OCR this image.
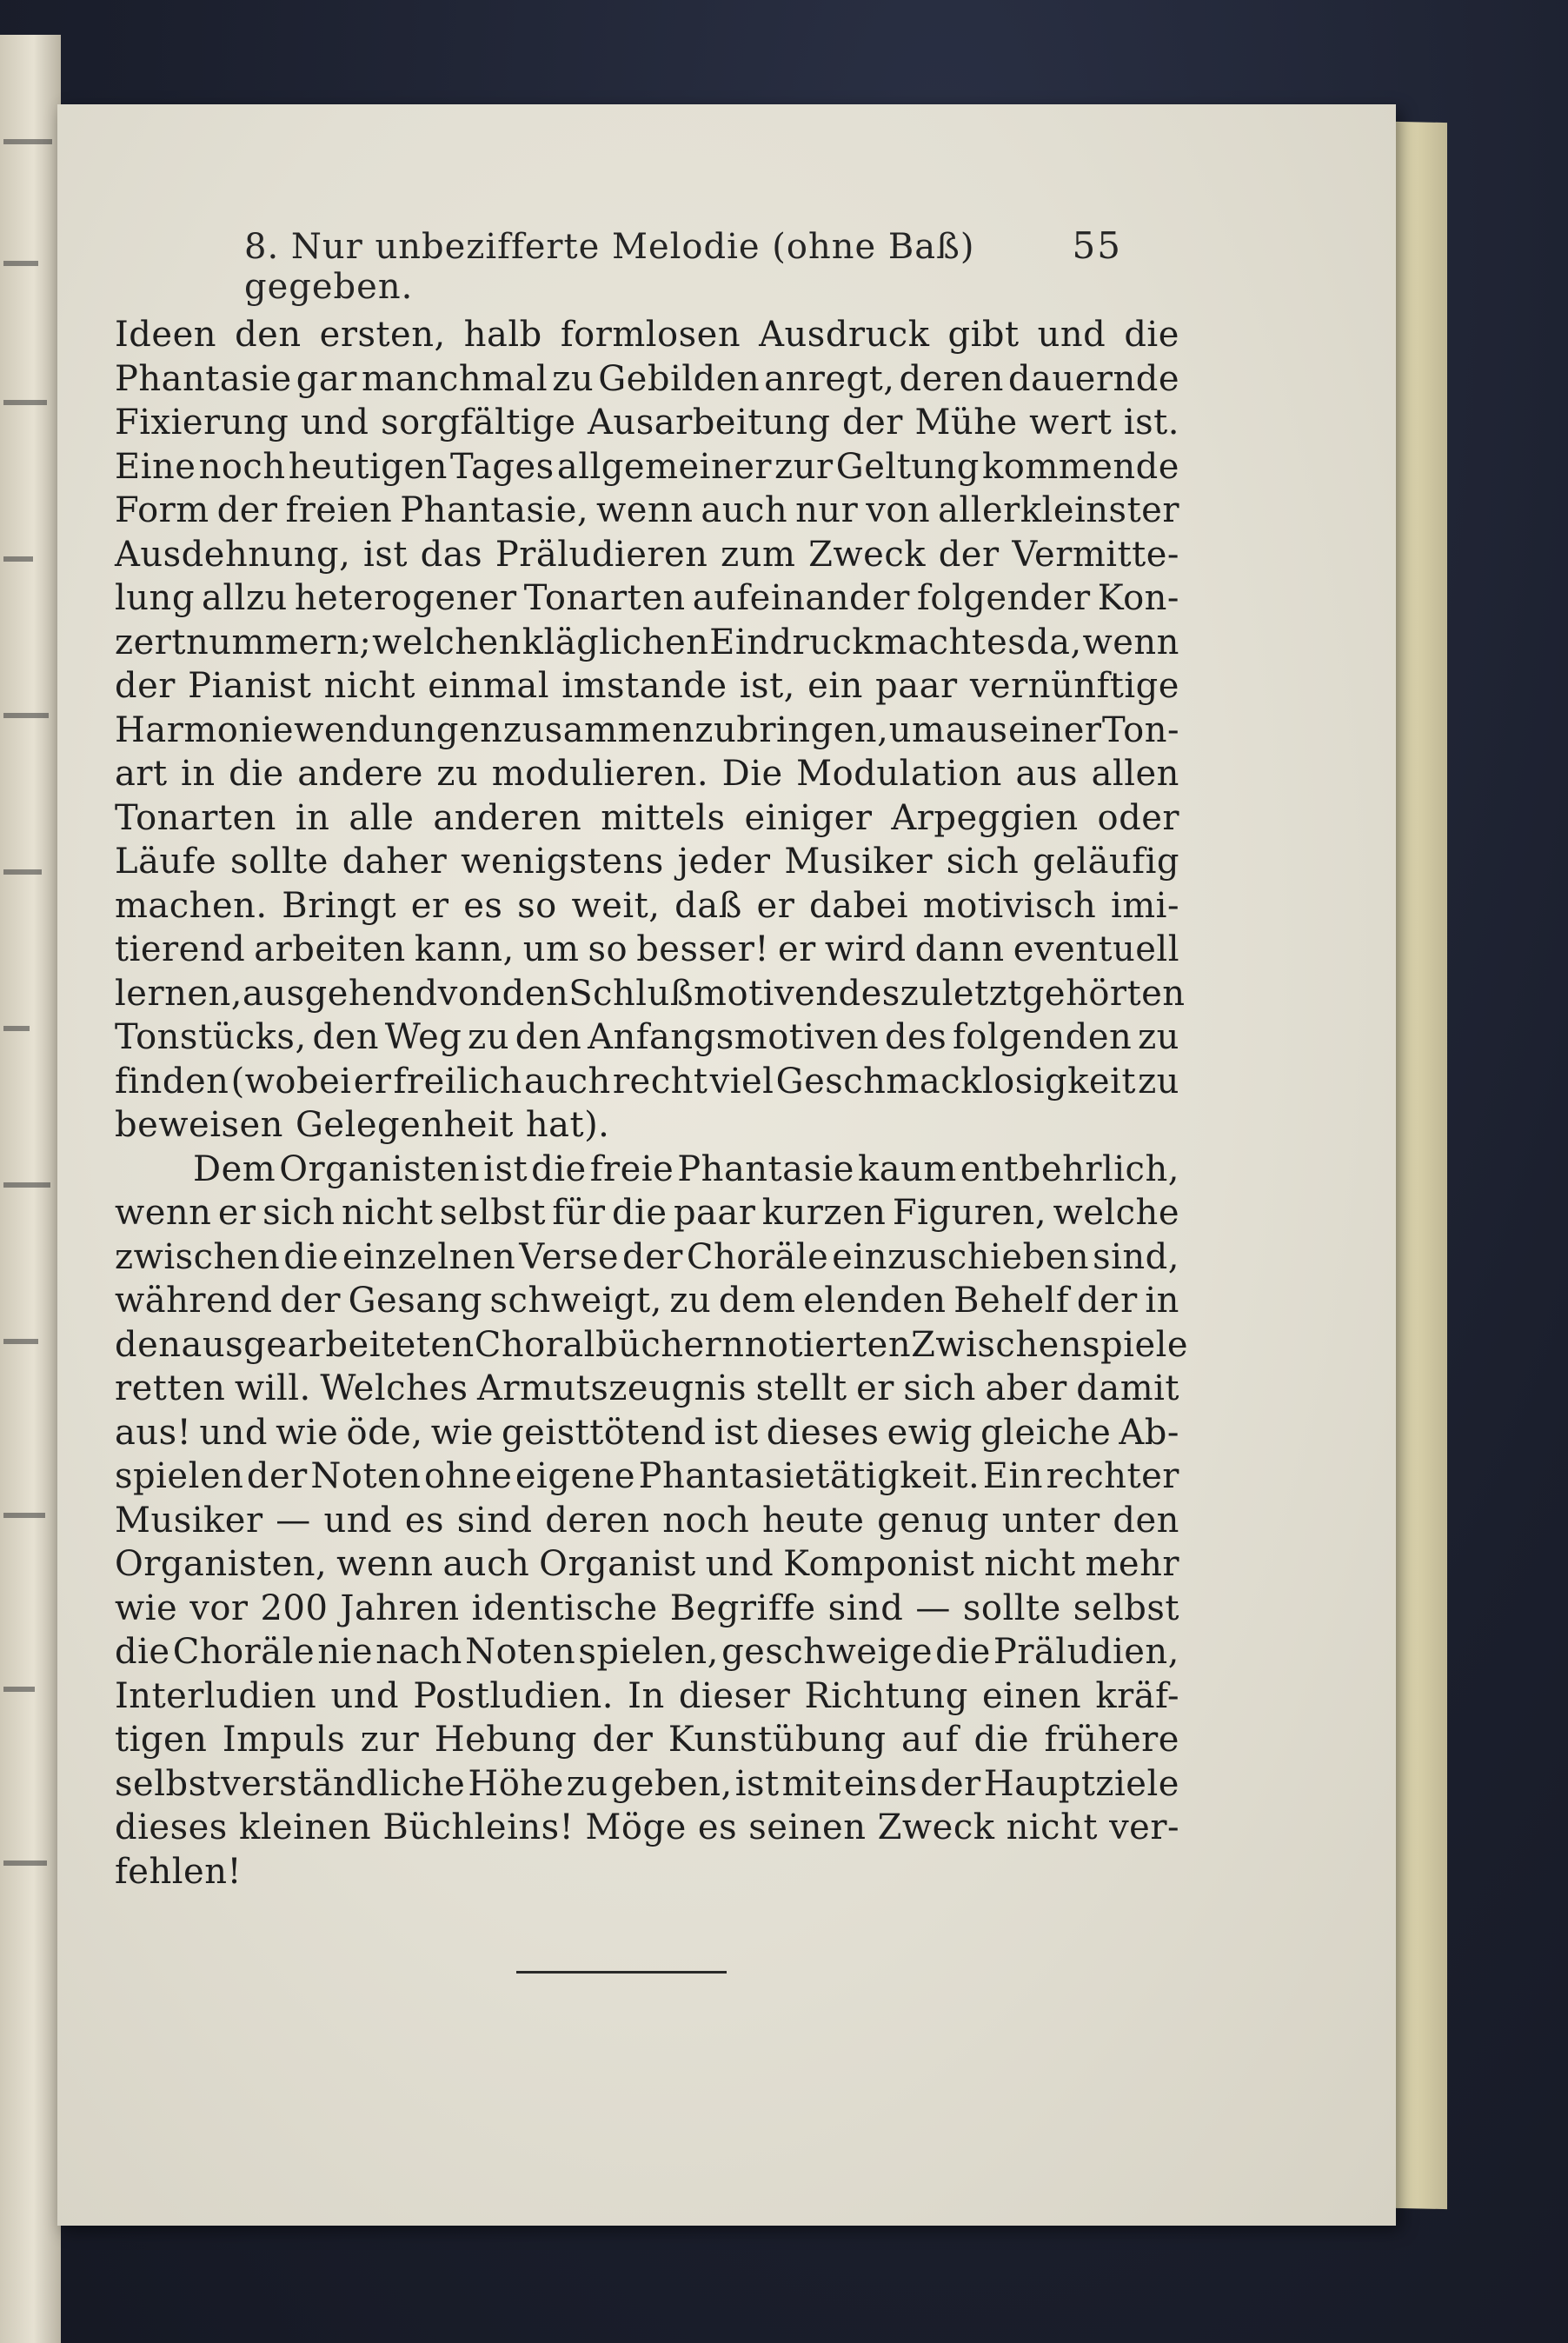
8. Nur unbezifferte Melodie (ohne Baß) gegeben.
55
Ideen den ersten, halb formlosen Ausdruck gibt und die
Phantasie gar manchmal zu Gebilden anregt, deren dauernde
Fixierung und sorgfältige Ausarbeitung der Mühe wert ist.
Eine noch heutigen Tages allgemeiner zur Geltung kommende
Form der freien Phantasie, wenn auch nur von allerkleinster
Ausdehnung, ist das Präludieren zum Zweck der Vermitte-
lung allzu heterogener Tonarten aufeinander folgender Kon-
zertnummern; welchen kläglichen Eindruck macht es da, wenn
der Pianist nicht einmal imstande ist, ein paar vernünftige
Harmoniewendungen zusammenzubringen, um aus einer Ton-
art in die andere zu modulieren. Die Modulation aus allen
Tonarten in alle anderen mittels einiger Arpeggien oder
Läufe sollte daher wenigstens jeder Musiker sich geläufig
machen. Bringt er es so weit, daß er dabei motivisch imi-
tierend arbeiten kann, um so besser! er wird dann eventuell
lernen, ausgehend von den Schlußmotiven des zuletzt gehörten
Tonstücks, den Weg zu den Anfangsmotiven des folgenden zu
finden (wobei er freilich auch recht viel Geschmacklosigkeit zu
beweisen Gelegenheit hat).
Dem Organisten ist die freie Phantasie kaum entbehrlich,
wenn er sich nicht selbst für die paar kurzen Figuren, welche
zwischen die einzelnen Verse der Choräle einzuschieben sind,
während der Gesang schweigt, zu dem elenden Behelf der in
den ausgearbeiteten Choralbüchern notierten Zwischenspiele
retten will. Welches Armutszeugnis stellt er sich aber damit
aus! und wie öde, wie geisttötend ist dieses ewig gleiche Ab-
spielen der Noten ohne eigene Phantasietätigkeit. Ein rechter
Musiker — und es sind deren noch heute genug unter den
Organisten, wenn auch Organist und Komponist nicht mehr
wie vor 200 Jahren identische Begriffe sind — sollte selbst
die Choräle nie nach Noten spielen, geschweige die Präludien,
Interludien und Postludien. In dieser Richtung einen kräf-
tigen Impuls zur Hebung der Kunstübung auf die frühere
selbstverständliche Höhe zu geben, ist mit eins der Hauptziele
dieses kleinen Büchleins! Möge es seinen Zweck nicht ver-
fehlen!
